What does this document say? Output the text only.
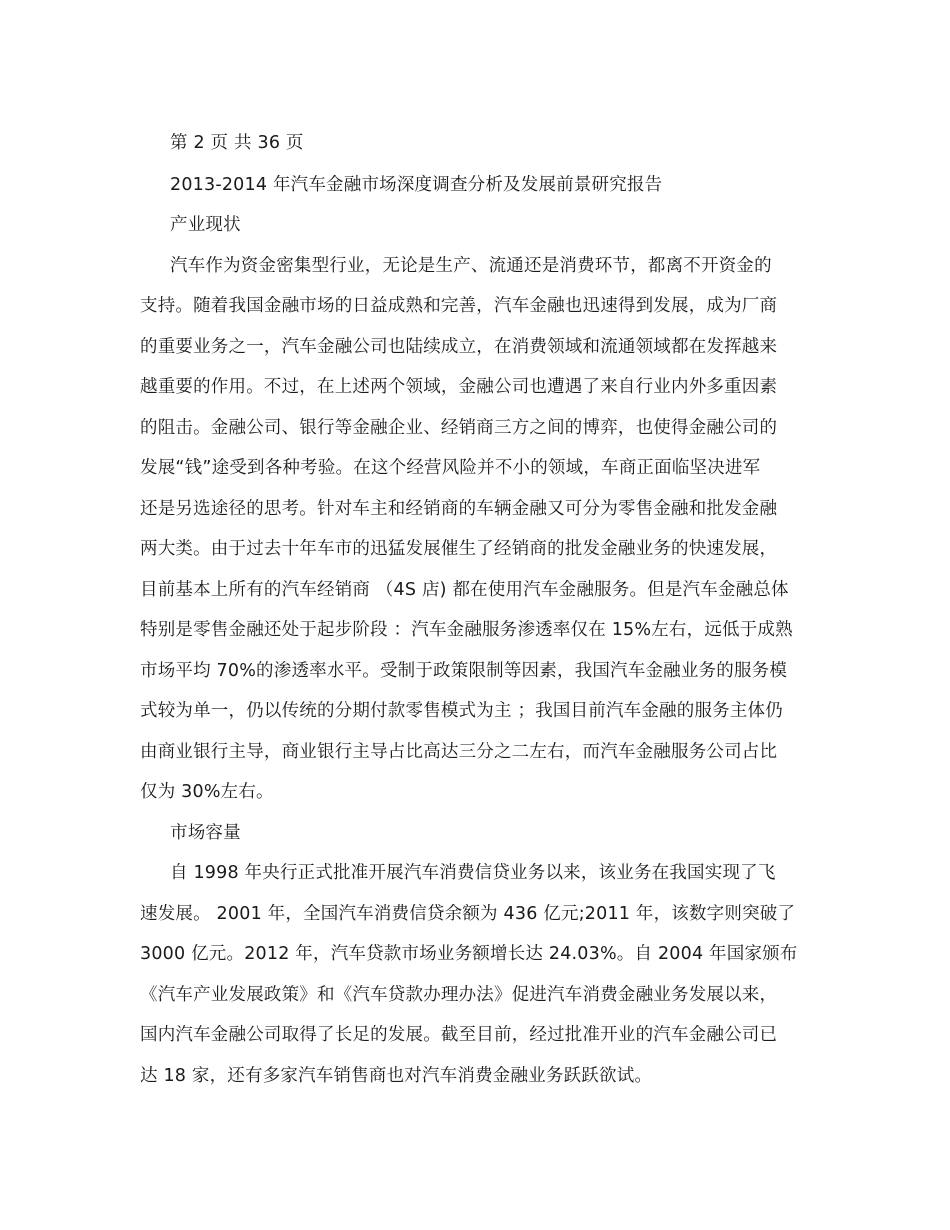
第 2 页 共 36 页
2013-2014 年汽车金融市场深度调查分析及发展前景研究报告
产业现状
汽车作为资金密集型行业，无论是生产、流通还是消费环节，都离不开资金的
支持。随着我国金融市场的日益成熟和完善，汽车金融也迅速得到发展，成为厂商
的重要业务之一，汽车金融公司也陆续成立，在消费领域和流通领域都在发挥越来
越重要的作用。不过，在上述两个领域，金融公司也遭遇了来自行业内外多重因素
的阻击。金融公司、银行等金融企业、经销商三方之间的博弈，也使得金融公司的
发展“钱”途受到各种考验。在这个经营风险并不小的领域，车商正面临坚决进军
还是另选途径的思考。针对车主和经销商的车辆金融又可分为零售金融和批发金融
两大类。由于过去十年车市的迅猛发展催生了经销商的批发金融业务的快速发展，
目前基本上所有的汽车经销商 （4S 店) 都在使用汽车金融服务。但是汽车金融总体
特别是零售金融还处于起步阶段 ：汽车金融服务渗透率仅在 15%左右，远低于成熟
市场平均 70%的渗透率水平。受制于政策限制等因素，我国汽车金融业务的服务模
式较为单一，仍以传统的分期付款零售模式为主 ；我国目前汽车金融的服务主体仍
由商业银行主导，商业银行主导占比高达三分之二左右，而汽车金融服务公司占比
仅为 30%左右。
市场容量
自 1998 年央行正式批准开展汽车消费信贷业务以来，该业务在我国实现了飞
速发展。 2001 年，全国汽车消费信贷余额为 436 亿元;2011 年，该数字则突破了
3000 亿元。2012 年，汽车贷款市场业务额增长达 24.03%。自 2004 年国家颁布
《汽车产业发展政策》和《汽车贷款办理办法》促进汽车消费金融业务发展以来，
国内汽车金融公司取得了长足的发展。截至目前，经过批准开业的汽车金融公司已
达 18 家，还有多家汽车销售商也对汽车消费金融业务跃跃欲试。
